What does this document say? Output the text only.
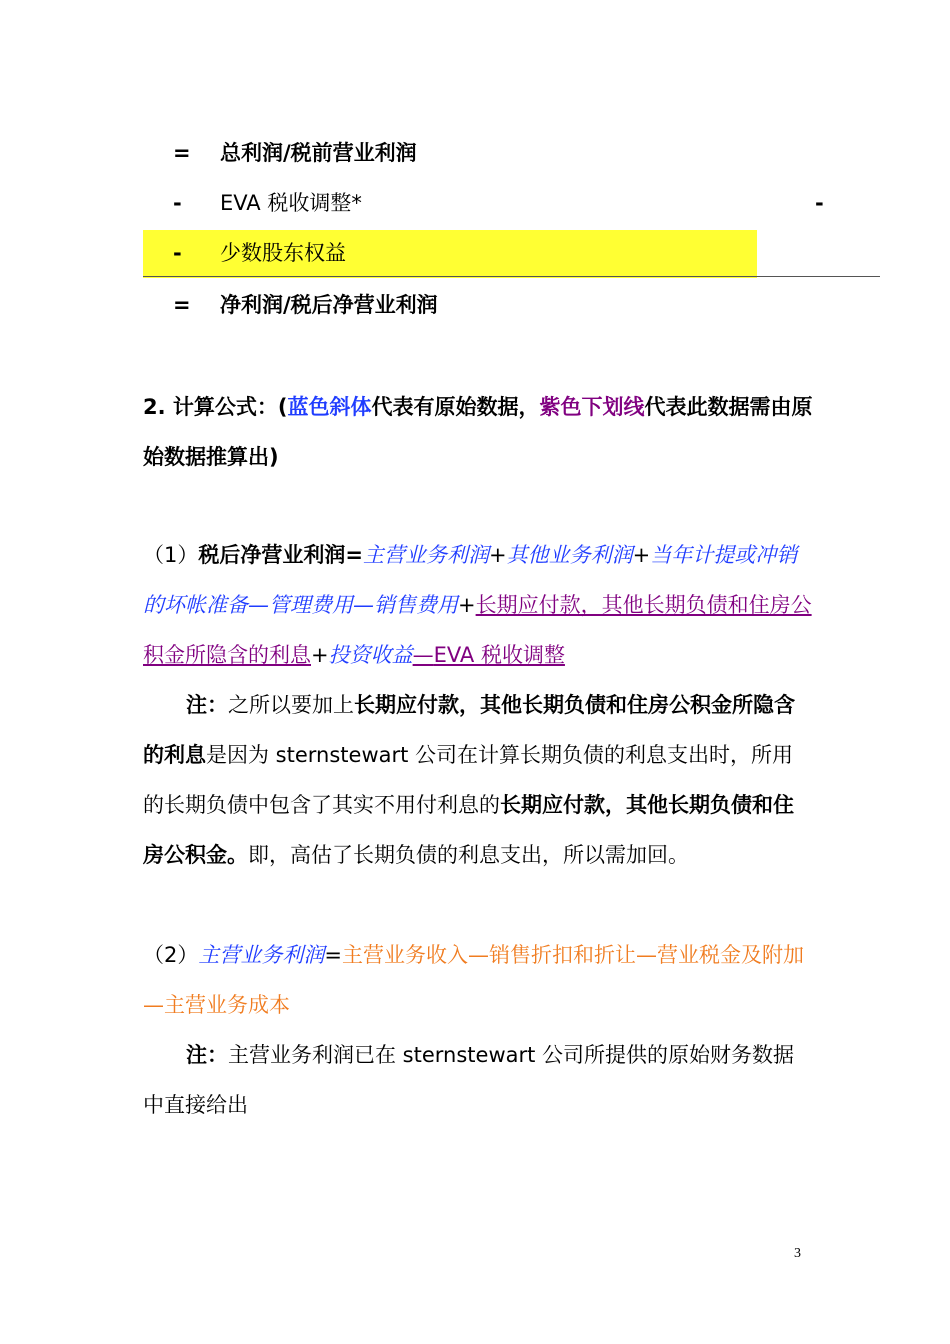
= 总利润/税前营业利润
- EVA 税收调整*	-
- 少数股东权益
= 净利润/税后净营业利润
2. 计算公式：(蓝色斜体代表有原始数据，紫色下划线代表此数据需由原始数据推算出)
（1）税后净营业利润=主营业务利润+其他业务利润+当年计提或冲销的坏帐准备—管理费用—销售费用+长期应付款，其他长期负债和住房公积金所隐含的利息+投资收益—EVA 税收调整
注：之所以要加上长期应付款，其他长期负债和住房公积金所隐含的利息是因为 sternstewart 公司在计算长期负债的利息支出时，所用的长期负债中包含了其实不用付利息的长期应付款，其他长期负债和住房公积金。即，高估了长期负债的利息支出，所以需加回。
（2）主营业务利润=主营业务收入—销售折扣和折让—营业税金及附加—主营业务成本
注：主营业务利润已在 sternstewart 公司所提供的原始财务数据中直接给出
3
